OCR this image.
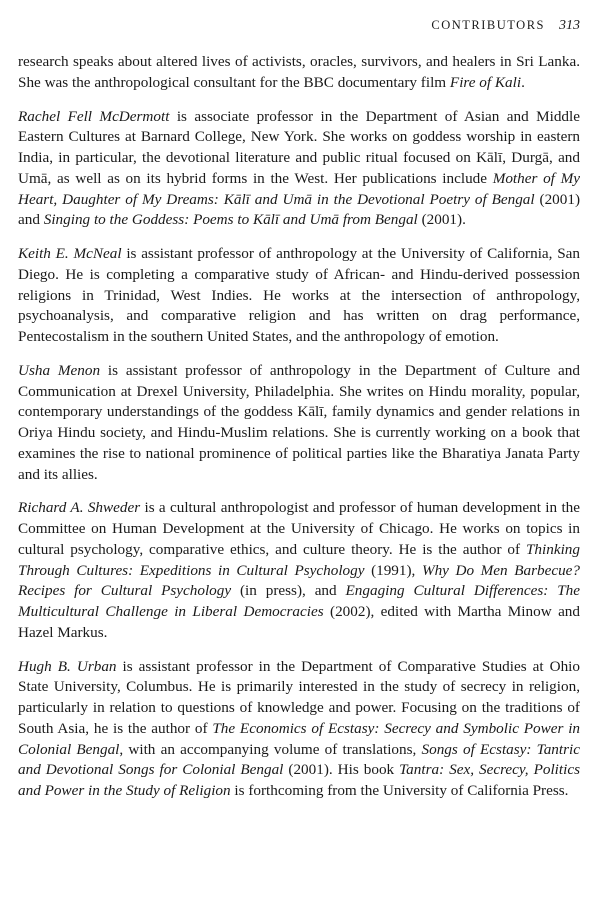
CONTRIBUTORS 313

research speaks about altered lives of activists, oracles, survivors, and healers in Sri Lanka. She was the anthropological consultant for the BBC documentary film Fire of Kali.

Rachel Fell McDermott is associate professor in the Department of Asian and Middle Eastern Cultures at Barnard College, New York. She works on goddess worship in eastern India, in particular, the devotional literature and public ritual focused on Kālī, Durgā, and Umā, as well as on its hybrid forms in the West. Her publications include Mother of My Heart, Daughter of My Dreams: Kālī and Umā in the Devotional Poetry of Bengal (2001) and Singing to the Goddess: Poems to Kālī and Umā from Bengal (2001).

Keith E. McNeal is assistant professor of anthropology at the University of California, San Diego. He is completing a comparative study of African- and Hindu-derived possession religions in Trinidad, West Indies. He works at the intersection of anthropology, psychoanalysis, and comparative religion and has written on drag performance, Pentecostalism in the southern United States, and the anthropology of emotion.

Usha Menon is assistant professor of anthropology in the Department of Culture and Communication at Drexel University, Philadelphia. She writes on Hindu morality, popular, contemporary understandings of the goddess Kālī, family dynamics and gender relations in Oriya Hindu society, and Hindu-Muslim relations. She is currently working on a book that examines the rise to national prominence of political parties like the Bharatiya Janata Party and its allies.

Richard A. Shweder is a cultural anthropologist and professor of human development in the Committee on Human Development at the University of Chicago. He works on topics in cultural psychology, comparative ethics, and culture theory. He is the author of Thinking Through Cultures: Expeditions in Cultural Psychology (1991), Why Do Men Barbecue? Recipes for Cultural Psychology (in press), and Engaging Cultural Differences: The Multicultural Challenge in Liberal Democracies (2002), edited with Martha Minow and Hazel Markus.

Hugh B. Urban is assistant professor in the Department of Comparative Studies at Ohio State University, Columbus. He is primarily interested in the study of secrecy in religion, particularly in relation to questions of knowledge and power. Focusing on the traditions of South Asia, he is the author of The Economics of Ecstasy: Secrecy and Symbolic Power in Colonial Bengal, with an accompanying volume of translations, Songs of Ecstasy: Tantric and Devotional Songs for Colonial Bengal (2001). His book Tantra: Sex, Secrecy, Politics and Power in the Study of Religion is forthcoming from the University of California Press.
